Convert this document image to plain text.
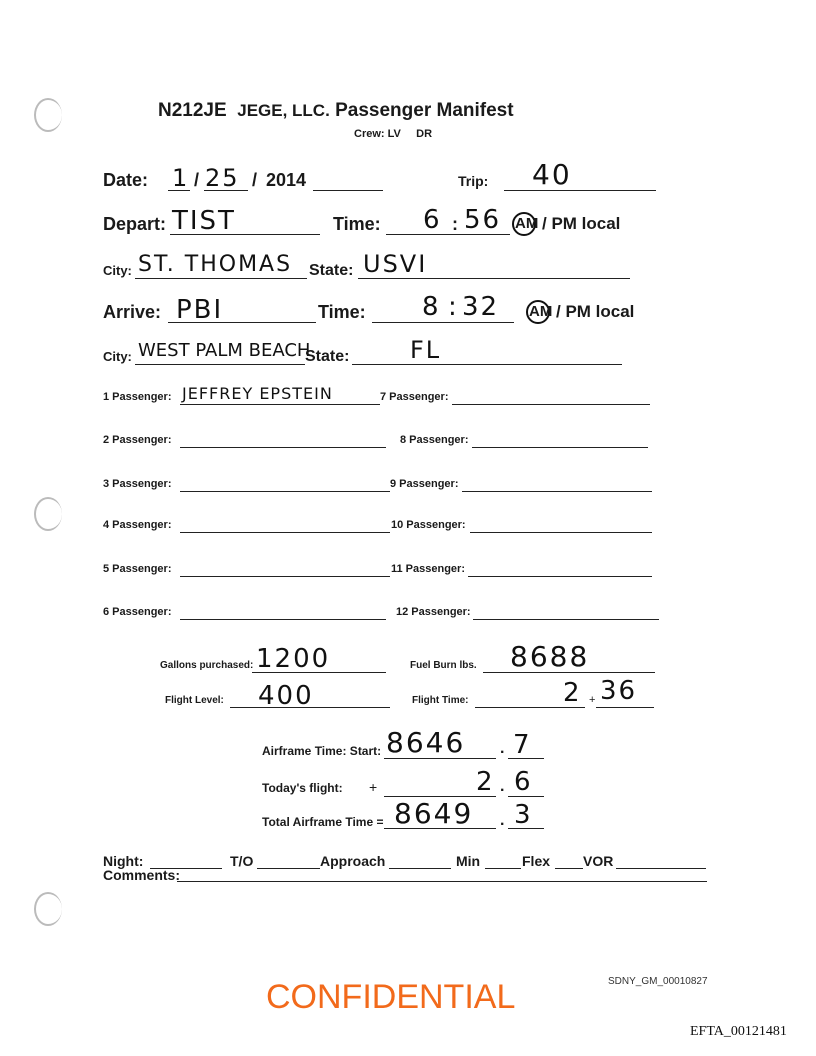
N212JE JEGE, LLC. Passenger Manifest
Crew: LV DR
Date: 1 / 25 / 2014	Trip: 40
Depart: TIST	Time: 6 : 56 AM / PM local
City: ST. THOMAS State: USVI
Arrive: PBI	Time: 8 : 32 AM / PM local
City: WEST PALM BEACH
State:	FL
1 Passenger: JEFFREY EPSTEIN	7 Passenger:
2 Passenger:	8 Passenger:
3 Passenger:	9 Passenger:
4 Passenger:	10 Passenger:
5 Passenger:	11 Passenger:
6 Passenger:	12 Passenger:
Gallons purchased: 1200	Fuel Burn lbs. 8688
Flight Level: 400	Flight Time:	2 + 36
Airframe Time: Start: 8646 . 7
Today's flight: +	2 . 6
Total Airframe Time = 8649 . 3
Night:	T/O	Approach	Min	Flex VOR
Comments:
CONFIDENTIAL	SDNY_GM_00010827
EFTA_00121481
